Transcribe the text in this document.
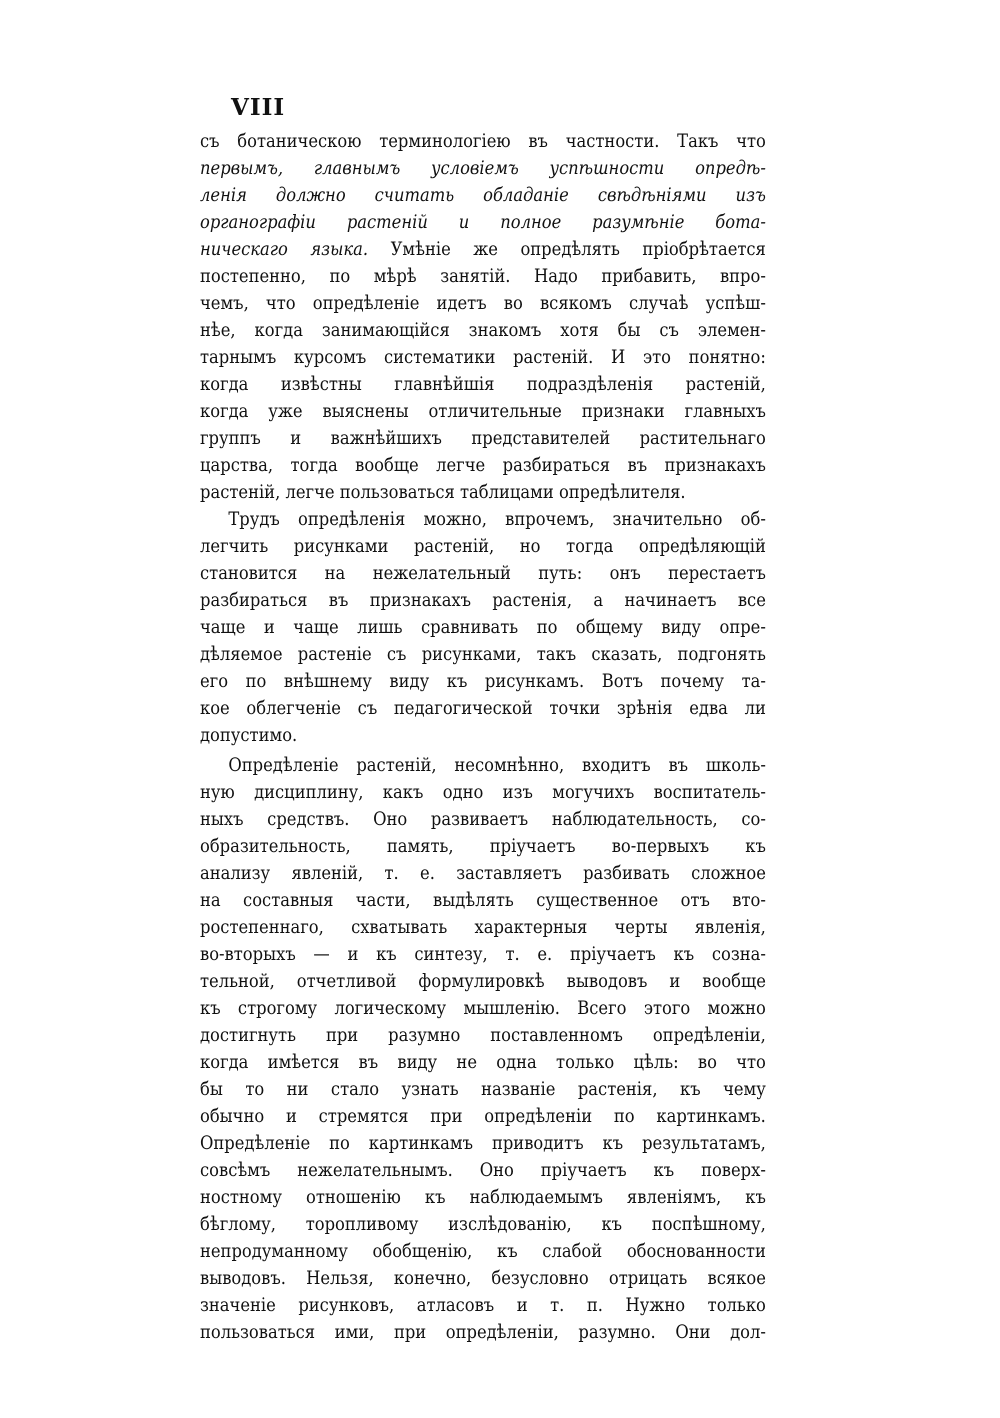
VIII
съ ботаническою терминологіею въ частности. Такъ что
первымъ, главнымъ условіемъ успѣшности опредѣ-
ленія должно считать обладаніе свѣдѣніями изъ
органографіи растеній и полное разумѣніе бота-
ническаго языка. Умѣніе же опредѣлять пріобрѣтается
постепенно, по мѣрѣ занятій. Надо прибавить, впро-
чемъ, что опредѣленіе идетъ во всякомъ случаѣ успѣш-
нѣе, когда занимающійся знакомъ хотя бы съ элемен-
тарнымъ курсомъ систематики растеній. И это понятно:
когда извѣстны главнѣйшія подраздѣленія растеній,
когда уже выяснены отличительные признаки главныхъ
группъ и важнѣйшихъ представителей растительнаго
царства, тогда вообще легче разбираться въ признакахъ
растеній, легче пользоваться таблицами опредѣлителя.
Трудъ опредѣленія можно, впрочемъ, значительно об-
легчить рисунками растеній, но тогда опредѣляющій
становится на нежелательный путь: онъ перестаетъ
разбираться въ признакахъ растенія, а начинаетъ все
чаще и чаще лишь сравнивать по общему виду опре-
дѣляемое растеніе съ рисунками, такъ сказать, подгонять
его по внѣшнему виду къ рисункамъ. Вотъ почему та-
кое облегченіе съ педагогической точки зрѣнія едва ли
допустимо.
Опредѣленіе растеній, несомнѣнно, входитъ въ школь-
ную дисциплину, какъ одно изъ могучихъ воспитатель-
ныхъ средствъ. Оно развиваетъ наблюдательность, со-
образительность, память, пріучаетъ во-первыхъ къ
анализу явленій, т. е. заставляетъ разбивать сложное
на составныя части, выдѣлять существенное отъ вто-
ростепеннаго, схватывать характерныя черты явленія,
во-вторыхъ — и къ синтезу, т. е. пріучаетъ къ созна-
тельной, отчетливой формулировкѣ выводовъ и вообще
къ строгому логическому мышленію. Всего этого можно
достигнуть при разумно поставленномъ опредѣленіи,
когда имѣется въ виду не одна только цѣль: во что
бы то ни стало узнать названіе растенія, къ чему
обычно и стремятся при опредѣленіи по картинкамъ.
Опредѣленіе по картинкамъ приводитъ къ результатамъ,
совсѣмъ нежелательнымъ. Оно пріучаетъ къ поверх-
ностному отношенію къ наблюдаемымъ явленіямъ, къ
бѣглому, торопливому изслѣдованію, къ поспѣшному,
непродуманному обобщенію, къ слабой обоснованности
выводовъ. Нельзя, конечно, безусловно отрицать всякое
значеніе рисунковъ, атласовъ и т. п. Нужно только
пользоваться ими, при опредѣленіи, разумно. Они дол-
